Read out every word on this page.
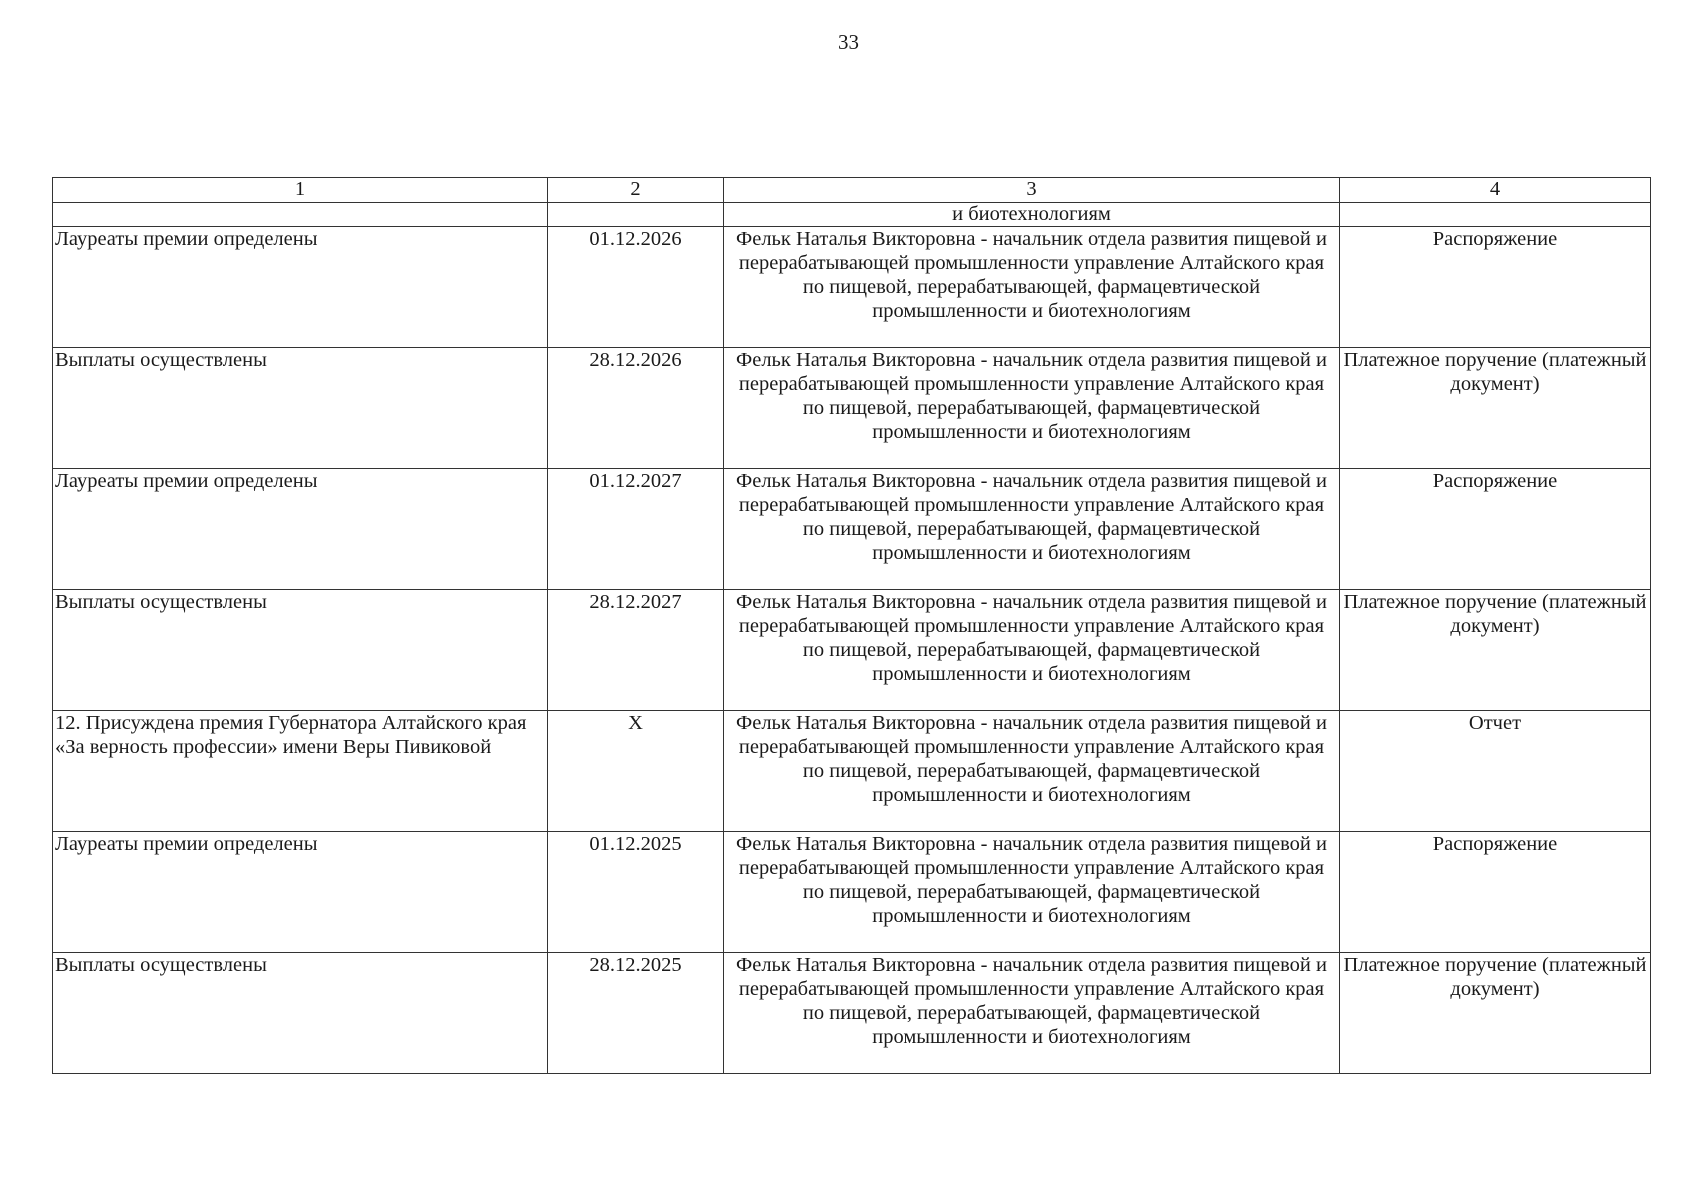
33
1	2	3	4
		и биотехнологиям	
Лауреаты премии определены	01.12.2026	Фельк Наталья Викторовна - начальник отдела развития пищевой и перерабатывающей промышленности управление Алтайского края по пищевой, перерабатывающей, фармацевтической промышленности и биотехнологиям	Распоряжение
Выплаты осуществлены	28.12.2026	Фельк Наталья Викторовна - начальник отдела развития пищевой и перерабатывающей промышленности управление Алтайского края по пищевой, перерабатывающей, фармацевтической промышленности и биотехнологиям	Платежное поручение (платежный документ)
Лауреаты премии определены	01.12.2027	Фельк Наталья Викторовна - начальник отдела развития пищевой и перерабатывающей промышленности управление Алтайского края по пищевой, перерабатывающей, фармацевтической промышленности и биотехнологиям	Распоряжение
Выплаты осуществлены	28.12.2027	Фельк Наталья Викторовна - начальник отдела развития пищевой и перерабатывающей промышленности управление Алтайского края по пищевой, перерабатывающей, фармацевтической промышленности и биотехнологиям	Платежное поручение (платежный документ)
12. Присуждена премия Губернатора Алтайского края «За верность профессии» имени Веры Пивиковой	X	Фельк Наталья Викторовна - начальник отдела развития пищевой и перерабатывающей промышленности управление Алтайского края по пищевой, перерабатывающей, фармацевтической промышленности и биотехнологиям	Отчет
Лауреаты премии определены	01.12.2025	Фельк Наталья Викторовна - начальник отдела развития пищевой и перерабатывающей промышленности управление Алтайского края по пищевой, перерабатывающей, фармацевтической промышленности и биотехнологиям	Распоряжение
Выплаты осуществлены	28.12.2025	Фельк Наталья Викторовна - начальник отдела развития пищевой и перерабатывающей промышленности управление Алтайского края по пищевой, перерабатывающей, фармацевтической промышленности и биотехнологиям	Платежное поручение (платежный документ)
